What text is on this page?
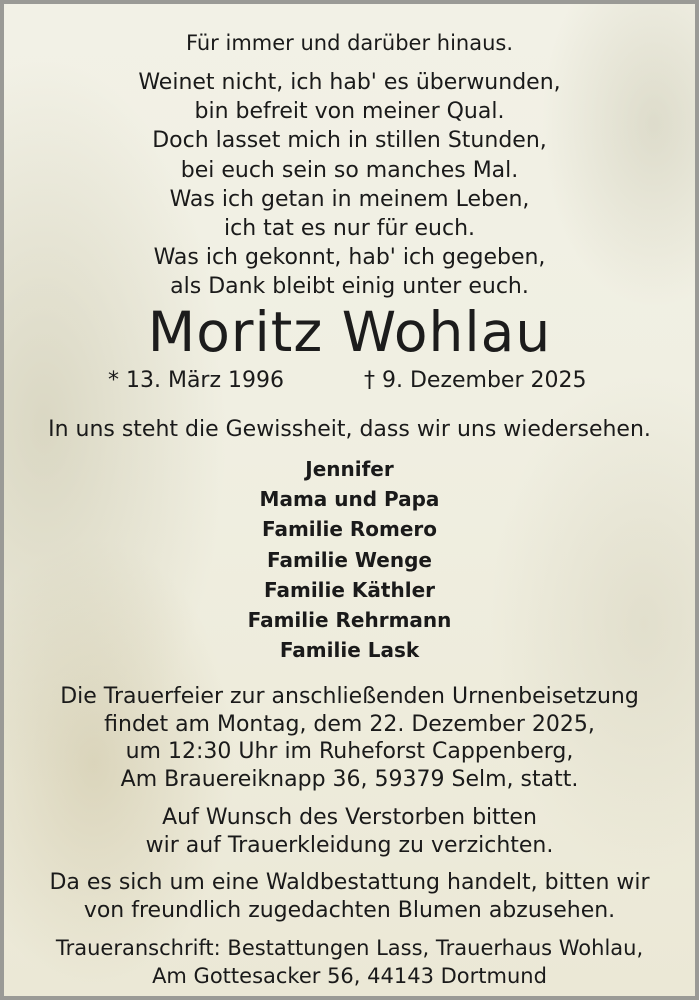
Für immer und darüber hinaus.
Weinet nicht, ich hab' es überwunden,
bin befreit von meiner Qual.
Doch lasset mich in stillen Stunden,
bei euch sein so manches Mal.
Was ich getan in meinem Leben,
ich tat es nur für euch.
Was ich gekonnt, hab' ich gegeben,
als Dank bleibt einig unter euch.
Moritz Wohlau
* 13. März 1996	† 9. Dezember 2025
In uns steht die Gewissheit, dass wir uns wiedersehen.
Jennifer
Mama und Papa
Familie Romero
Familie Wenge
Familie Käthler
Familie Rehrmann
Familie Lask
Die Trauerfeier zur anschließenden Urnenbeisetzung
findet am Montag, dem 22. Dezember 2025,
um 12:30 Uhr im Ruheforst Cappenberg,
Am Brauereiknapp 36, 59379 Selm, statt.
Auf Wunsch des Verstorben bitten
wir auf Trauerkleidung zu verzichten.
Da es sich um eine Waldbestattung handelt, bitten wir
von freundlich zugedachten Blumen abzusehen.
Traueranschrift: Bestattungen Lass, Trauerhaus Wohlau,
Am Gottesacker 56, 44143 Dortmund
